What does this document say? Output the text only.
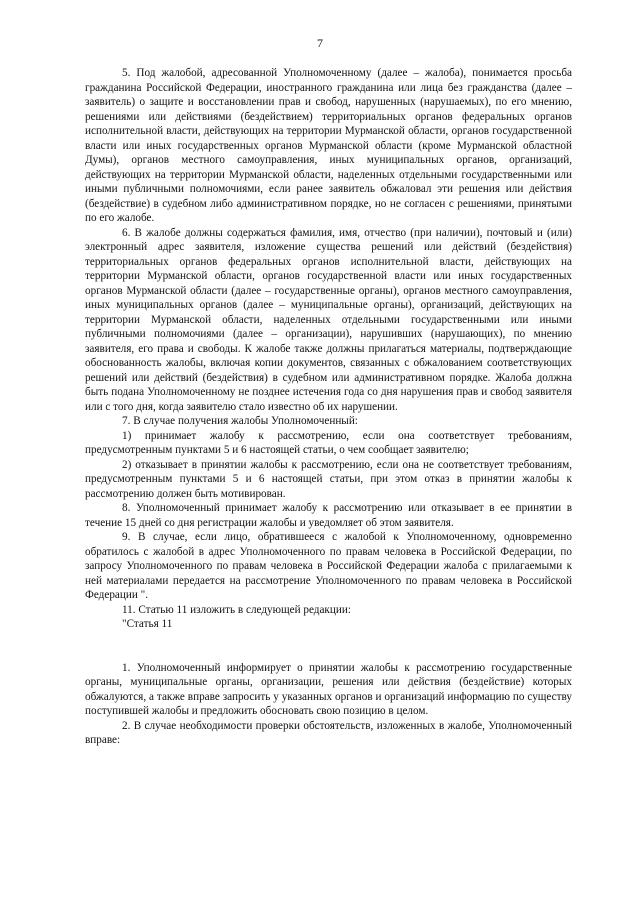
7

5. Под жалобой, адресованной Уполномоченному (далее – жалоба), понимается просьба гражданина Российской Федерации, иностранного гражданина или лица без гражданства (далее – заявитель) о защите и восстановлении прав и свобод, нарушенных (нарушаемых), по его мнению, решениями или действиями (бездействием) территориальных органов федеральных органов исполнительной власти, действующих на территории Мурманской области, органов государственной власти или иных государственных органов Мурманской области (кроме Мурманской областной Думы), органов местного самоуправления, иных муниципальных органов, организаций, действующих на территории Мурманской области, наделенных отдельными государственными или иными публичными полномочиями, если ранее заявитель обжаловал эти решения или действия (бездействие) в судебном либо административном порядке, но не согласен с решениями, принятыми по его жалобе.

6. В жалобе должны содержаться фамилия, имя, отчество (при наличии), почтовый и (или) электронный адрес заявителя, изложение существа решений или действий (бездействия) территориальных органов федеральных органов исполнительной власти, действующих на территории Мурманской области, органов государственной власти или иных государственных органов Мурманской области (далее – государственные органы), органов местного самоуправления, иных муниципальных органов (далее – муниципальные органы), организаций, действующих на территории Мурманской области, наделенных отдельными государственными или иными публичными полномочиями (далее – организации), нарушивших (нарушающих), по мнению заявителя, его права и свободы. К жалобе также должны прилагаться материалы, подтверждающие обоснованность жалобы, включая копии документов, связанных с обжалованием соответствующих решений или действий (бездействия) в судебном или административном порядке. Жалоба должна быть подана Уполномоченному не позднее истечения года со дня нарушения прав и свобод заявителя или с того дня, когда заявителю стало известно об их нарушении.

7. В случае получения жалобы Уполномоченный:

1) принимает жалобу к рассмотрению, если она соответствует требованиям, предусмотренным пунктами 5 и 6 настоящей статьи, о чем сообщает заявителю;

2) отказывает в принятии жалобы к рассмотрению, если она не соответствует требованиям, предусмотренным пунктами 5 и 6 настоящей статьи, при этом отказ в принятии жалобы к рассмотрению должен быть мотивирован.

8. Уполномоченный принимает жалобу к рассмотрению или отказывает в ее принятии в течение 15 дней со дня регистрации жалобы и уведомляет об этом заявителя.

9. В случае, если лицо, обратившееся с жалобой к Уполномоченному, одновременно обратилось с жалобой в адрес Уполномоченного по правам человека в Российской Федерации, по запросу Уполномоченного по правам человека в Российской Федерации жалоба с прилагаемыми к ней материалами передается на рассмотрение Уполномоченного по правам человека в Российской Федерации ".

11. Статью 11 изложить в следующей редакции:

"Статья 11

1. Уполномоченный информирует о принятии жалобы к рассмотрению государственные органы, муниципальные органы, организации, решения или действия (бездействие) которых обжалуются, а также вправе запросить у указанных органов и организаций информацию по существу поступившей жалобы и предложить обосновать свою позицию в целом.

2. В случае необходимости проверки обстоятельств, изложенных в жалобе, Уполномоченный вправе:
